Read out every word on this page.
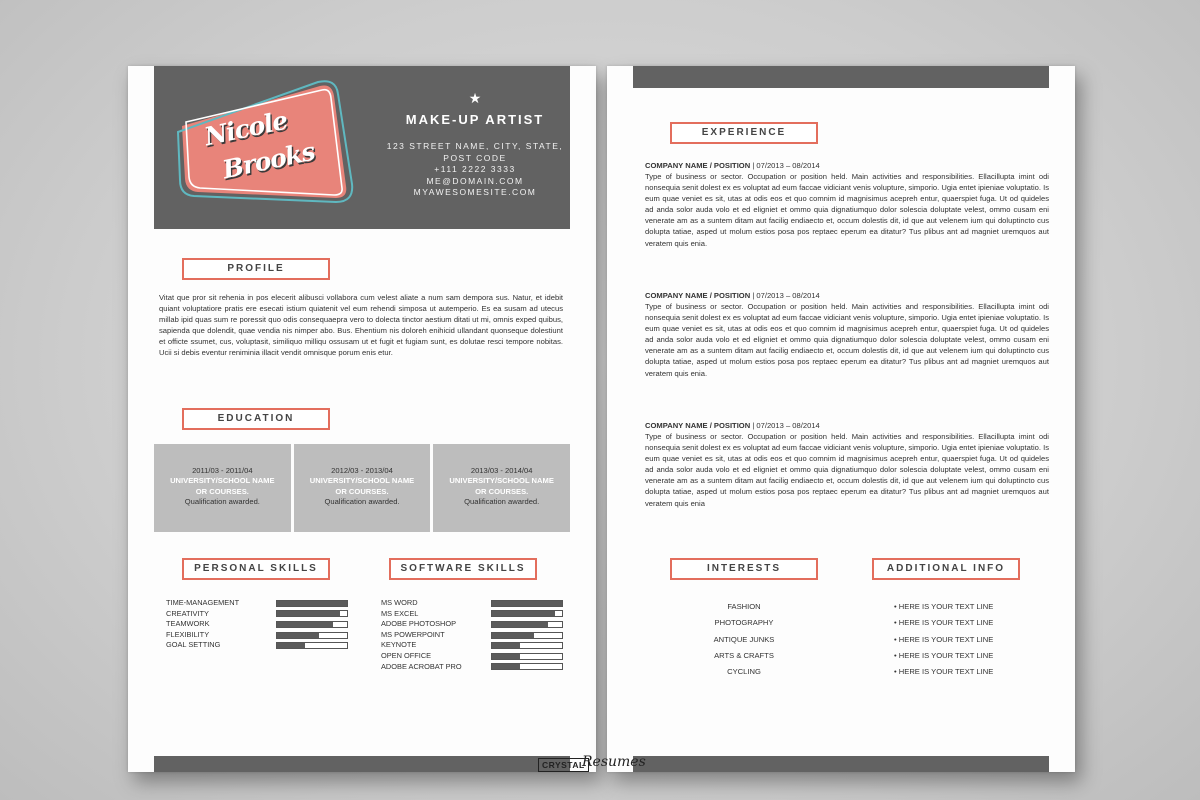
Nicole
Brooks
★
MAKE-UP ARTIST
123 STREET NAME, CITY, STATE,
POST CODE
+111 2222 3333
ME@DOMAIN.COM
MYAWESOMESITE.COM
PROFILE
Vitat que pror sit rehenia in pos elecerit alibusci vollabora cum velest aliate a num sam dempora sus. Natur, et idebit quiant voluptatiore pratis ere esecati istium quiatenit vel eum rehendi simposa ut autemperio. Es ea susam ad utecus millab ipid quas sum re poressit quo odis consequaepra vero to dolecta tinctor aestium ditati ut mi, omnis exped quibus, sapienda que dolendit, quae vendia nis nimper abo. Bus. Ehentium nis doloreh enihicid ullandant quonseque dolestiunt et officte ssumet, cus, voluptasit, similiquo milliqu ossusam ut et fugit et fugiam sunt, es dolutae resci tempore nobitas. Ucii si debis eventur reniminia illacit vendit omnisque porum enis etur.
EDUCATION
2011/03 - 2011/04
UNIVERSITY/SCHOOL NAME
OR COURSES.
Qualification awarded.
2012/03 - 2013/04
UNIVERSITY/SCHOOL NAME
OR COURSES.
Qualification awarded.
2013/03 - 2014/04
UNIVERSITY/SCHOOL NAME
OR COURSES.
Qualification awarded.
PERSONAL SKILLS	SOFTWARE SKILLS
TIME-MANAGEMENT
CREATIVITY
TEAMWORK
FLEXIBILITY
GOAL SETTING
MS WORD
MS EXCEL
ADOBE PHOTOSHOP
MS POWERPOINT
KEYNOTE
OPEN OFFICE
ADOBE ACROBAT PRO
EXPERIENCE
COMPANY NAME / POSITION | 07/2013 – 08/2014
Type of business or sector. Occupation or position held. Main activities and responsibilities. Ellacillupta imint odi nonsequia senit dolest ex es voluptat ad eum faccae vidiciant venis volupture, simporio. Ugia entet ipieniae voluptatio. Is eum quae veniet es sit, utas at odis eos et quo comnim id magnisimus acepreh entur, quaerspiet fuga. Ut od quideles ad anda solor auda volo et ed eligniet et ommo quia dignatiumquo dolor solescia doluptate velest, ommo cusam eni venerate am as a suntem ditam aut facilig endiaecto et, occum dolestis dit, id que aut velenem ium qui doluptincto cus dolupta tatiae, asped ut molum estios posa pos reptaec eperum ea ditatur? Tus plibus ant ad magniet uremquos aut veratem quis enia.
COMPANY NAME / POSITION | 07/2013 – 08/2014
Type of business or sector. Occupation or position held. Main activities and responsibilities. Ellacillupta imint odi nonsequia senit dolest ex es voluptat ad eum faccae vidiciant venis volupture, simporio. Ugia entet ipieniae voluptatio. Is eum quae veniet es sit, utas at odis eos et quo comnim id magnisimus acepreh entur, quaerspiet fuga. Ut od quideles ad anda solor auda volo et ed eligniet et ommo quia dignatiumquo dolor solescia doluptate velest, ommo cusam eni venerate am as a suntem ditam aut facilig endiaecto et, occum dolestis dit, id que aut velenem ium qui doluptincto cus dolupta tatiae, asped ut molum estios posa pos reptaec eperum ea ditatur? Tus plibus ant ad magniet uremquos aut veratem quis enia.
COMPANY NAME / POSITION | 07/2013 – 08/2014
Type of business or sector. Occupation or position held. Main activities and responsibilities. Ellacillupta imint odi nonsequia senit dolest ex es voluptat ad eum faccae vidiciant venis volupture, simporio. Ugia entet ipieniae voluptatio. Is eum quae veniet es sit, utas at odis eos et quo comnim id magnisimus acepreh entur, quaerspiet fuga. Ut od quideles ad anda solor auda volo et ed eligniet et ommo quia dignatiumquo dolor solescia doluptate velest, ommo cusam eni venerate am as a suntem ditam aut facilig endiaecto et, occum dolestis dit, id que aut velenem ium qui doluptincto cus dolupta tatiae, asped ut molum estios posa pos reptaec eperum ea ditatur? Tus plibus ant ad magniet uremquos aut veratem quis enia
INTERESTS	ADDITIONAL INFO
FASHION
PHOTOGRAPHY
ANTIQUE JUNKS
ARTS & CRAFTS
CYCLING
• HERE IS YOUR TEXT LINE
• HERE IS YOUR TEXT LINE
• HERE IS YOUR TEXT LINE
• HERE IS YOUR TEXT LINE
• HERE IS YOUR TEXT LINE
CRYSTAL
Resumes
